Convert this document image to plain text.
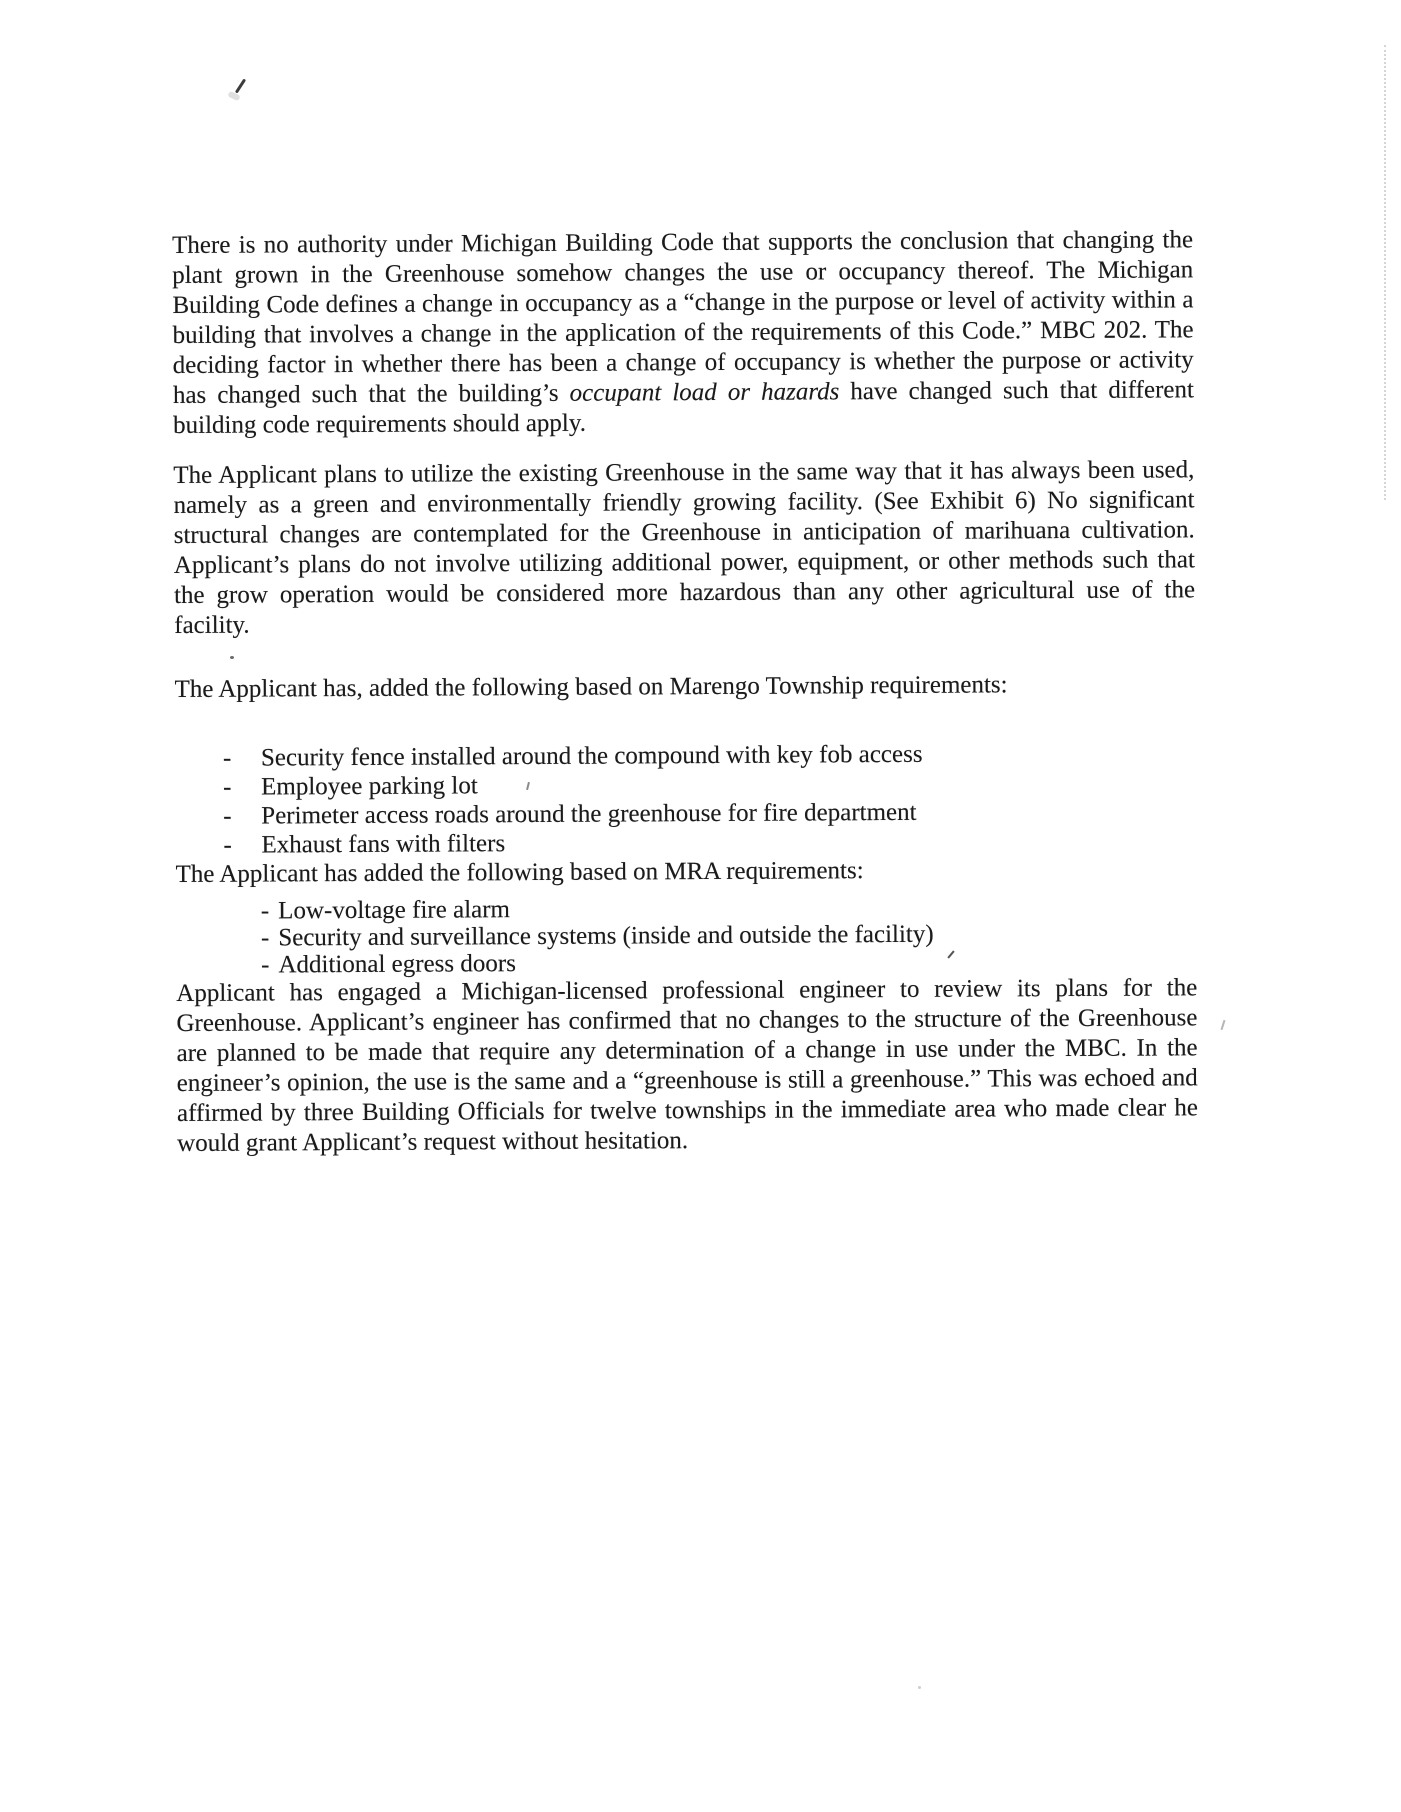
There is no authority under Michigan Building Code that supports the conclusion that changing the plant grown in the Greenhouse somehow changes the use or occupancy thereof. The Michigan Building Code defines a change in occupancy as a “change in the purpose or level of activity within a building that involves a change in the application of the requirements of this Code.” MBC 202. The deciding factor in whether there has been a change of occupancy is whether the purpose or activity has changed such that the building’s occupant load or hazards have changed such that different building code requirements should apply.

The Applicant plans to utilize the existing Greenhouse in the same way that it has always been used, namely as a green and environmentally friendly growing facility. (See Exhibit 6) No significant structural changes are contemplated for the Greenhouse in anticipation of marihuana cultivation. Applicant’s plans do not involve utilizing additional power, equipment, or other methods such that the grow operation would be considered more hazardous than any other agricultural use of the facility.

The Applicant has, added the following based on Marengo Township requirements:

-	Security fence installed around the compound with key fob access
-	Employee parking lot
-	Perimeter access roads around the greenhouse for fire department
-	Exhaust fans with filters

The Applicant has added the following based on MRA requirements:

- Low-voltage fire alarm
- Security and surveillance systems (inside and outside the facility)
- Additional egress doors

Applicant has engaged a Michigan-licensed professional engineer to review its plans for the Greenhouse. Applicant’s engineer has confirmed that no changes to the structure of the Greenhouse are planned to be made that require any determination of a change in use under the MBC. In the engineer’s opinion, the use is the same and a “greenhouse is still a greenhouse.” This was echoed and affirmed by three Building Officials for twelve townships in the immediate area who made clear he would grant Applicant’s request without hesitation.
